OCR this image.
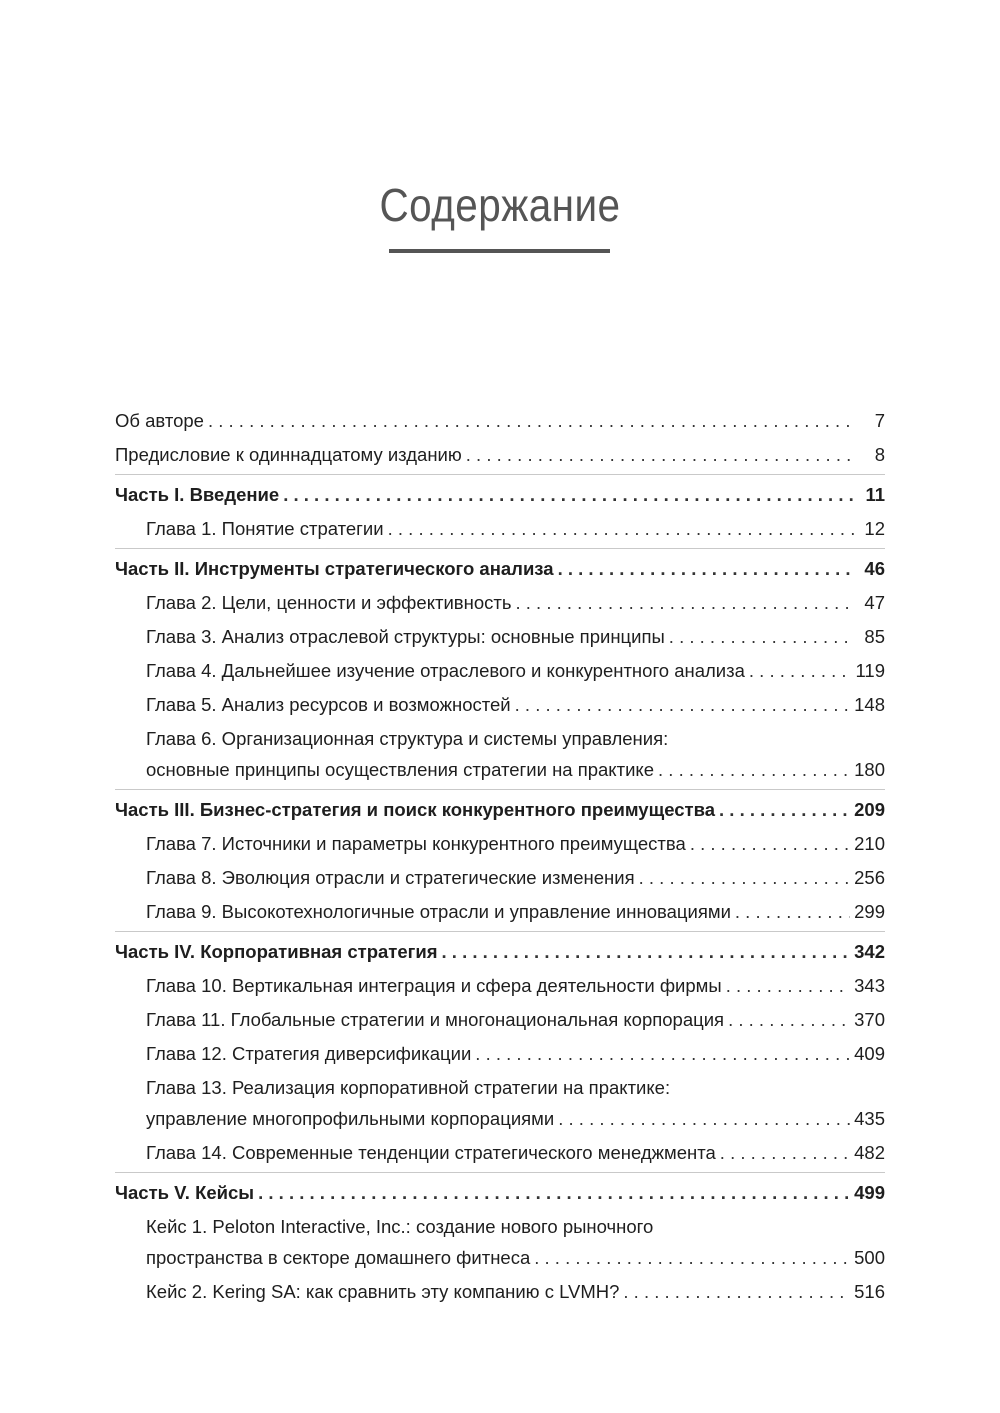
Содержание
Об авторе . . .	7
Предисловие к одиннадцатому изданию . . .	8
Часть I. Введение . . .	11
Глава 1. Понятие стратегии . . .	12
Часть II. Инструменты стратегического анализа . . .	46
Глава 2. Цели, ценности и эффективность . . .	47
Глава 3. Анализ отраслевой структуры: основные принципы . . .	85
Глава 4. Дальнейшее изучение отраслевого и конкурентного анализа . . .	119
Глава 5. Анализ ресурсов и возможностей . . .	148
Глава 6. Организационная структура и системы управления:
основные принципы осуществления стратегии на практике . . .	180
Часть III. Бизнес-стратегия и поиск конкурентного преимущества . . .	209
Глава 7. Источники и параметры конкурентного преимущества . . .	210
Глава 8. Эволюция отрасли и стратегические изменения . . .	256
Глава 9. Высокотехнологичные отрасли и управление инновациями . . .	299
Часть IV. Корпоративная стратегия . . .	342
Глава 10. Вертикальная интеграция и сфера деятельности фирмы . . .	343
Глава 11. Глобальные стратегии и многонациональная корпорация . . .	370
Глава 12. Стратегия диверсификации . . .	409
Глава 13. Реализация корпоративной стратегии на практике:
управление многопрофильными корпорациями . . .	435
Глава 14. Современные тенденции стратегического менеджмента . . .	482
Часть V. Кейсы . . .	499
Кейс 1. Peloton Interactive, Inc.: создание нового рыночного
пространства в секторе домашнего фитнеса . . .	500
Кейс 2. Kering SA: как сравнить эту компанию с LVMH? . . .	516
